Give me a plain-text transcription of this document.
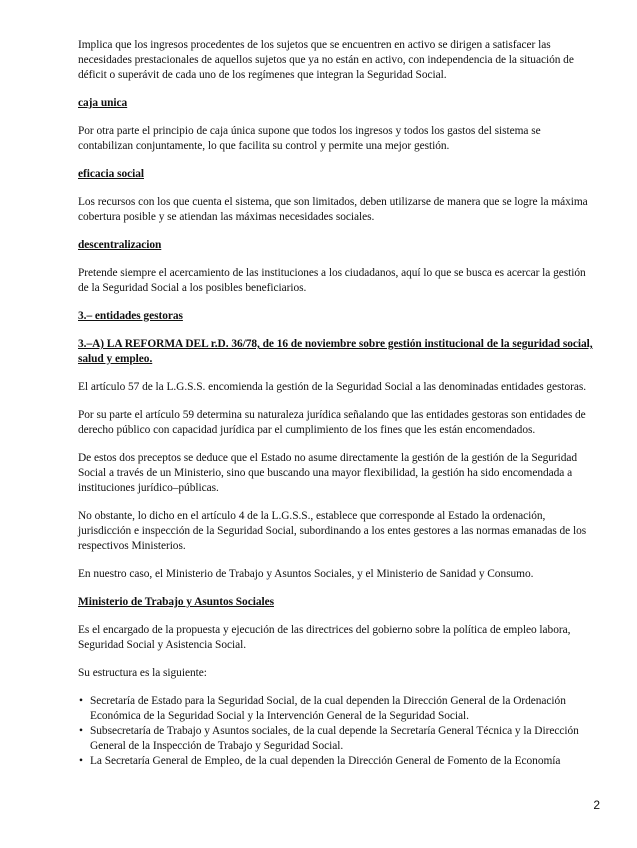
Implica que los ingresos procedentes de los sujetos que se encuentren en activo se dirigen a satisfacer las necesidades prestacionales de aquellos sujetos que ya no están en activo, con independencia de la situación de déficit o superávit de cada uno de los regímenes que integran la Seguridad Social.

caja unica

Por otra parte el principio de caja única supone que todos los ingresos y todos los gastos del sistema se contabilizan conjuntamente, lo que facilita su control y permite una mejor gestión.

eficacia social

Los recursos con los que cuenta el sistema, que son limitados, deben utilizarse de manera que se logre la máxima cobertura posible y se atiendan las máximas necesidades sociales.

descentralizacion

Pretende siempre el acercamiento de las instituciones a los ciudadanos, aquí lo que se busca es acercar la gestión de la Seguridad Social a los posibles beneficiarios.

3.– entidades gestoras
3.–A) LA REFORMA DEL r.D. 36/78, de 16 de noviembre sobre gestión institucional de la seguridad social, salud y empleo.

El artículo 57 de la L.G.S.S. encomienda la gestión de la Seguridad Social a las denominadas entidades gestoras.

Por su parte el artículo 59 determina su naturaleza jurídica señalando que las entidades gestoras son entidades de derecho público con capacidad jurídica par el cumplimiento de los fines que les están encomendados.

De estos dos preceptos se deduce que el Estado no asume directamente la gestión de la gestión de la Seguridad Social a través de un Ministerio, sino que buscando una mayor flexibilidad, la gestión ha sido encomendada a instituciones jurídico–públicas.

No obstante, lo dicho en el artículo 4 de la L.G.S.S., establece que corresponde al Estado la ordenación, jurisdicción e inspección de la Seguridad Social, subordinando a los entes gestores a las normas emanadas de los respectivos Ministerios.

En nuestro caso, el Ministerio de Trabajo y Asuntos Sociales, y el Ministerio de Sanidad y Consumo.

Ministerio de Trabajo y Asuntos Sociales

Es el encargado de la propuesta y ejecución de las directrices del gobierno sobre la política de empleo labora, Seguridad Social y Asistencia Social.

Su estructura es la siguiente:

• Secretaría de Estado para la Seguridad Social, de la cual dependen la Dirección General de la Ordenación Económica de la Seguridad Social y la Intervención General de la Seguridad Social.
• Subsecretaría de Trabajo y Asuntos sociales, de la cual depende la Secretaría General Técnica y la Dirección General de la Inspección de Trabajo y Seguridad Social.
• La Secretaría General de Empleo, de la cual dependen la Dirección General de Fomento de la Economía
2
